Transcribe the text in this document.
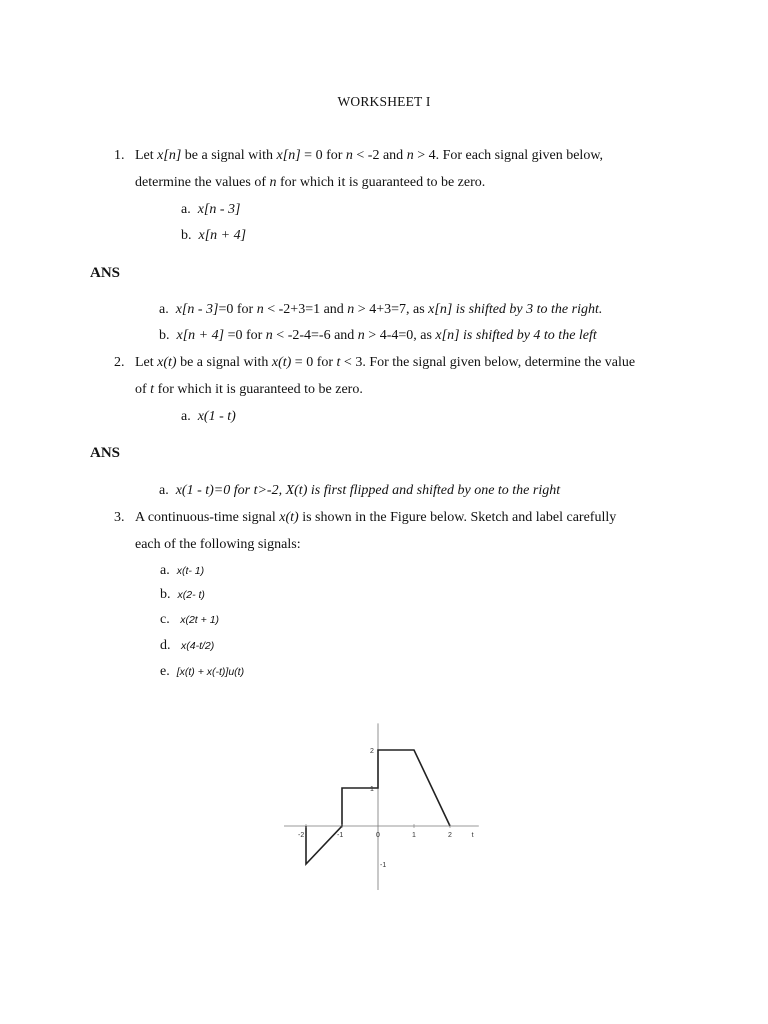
WORKSHEET I
1. Let x[n] be a signal with x[n] = 0 for n < -2 and n > 4. For each signal given below,
determine the values of n for which it is guaranteed to be zero.
a. x[n - 3]
b. x[n + 4]
ANS
a. x[n - 3]=0 for n < -2+3=1 and n > 4+3=7, as x[n] is shifted by 3 to the right.
b. x[n + 4] =0 for n < -2-4=-6 and n > 4-4=0, as x[n] is shifted by 4 to the left
2. Let x(t) be a signal with x(t) = 0 for t < 3. For the signal given below, determine the value
of t for which it is guaranteed to be zero.
a. x(1 - t)
ANS
a. x(1 - t)=0 for t>-2, X(t) is first flipped and shifted by one to the right
3. A continuous-time signal x(t) is shown in the Figure below. Sketch and label carefully
each of the following signals:
a. x(t- 1)
b. x(2- t)
c. x(2t + 1)
d. x(4-t/2)
e. [x(t) + x(-t)]u(t)
-2	-1	0	1	2	t
2
1
-1
